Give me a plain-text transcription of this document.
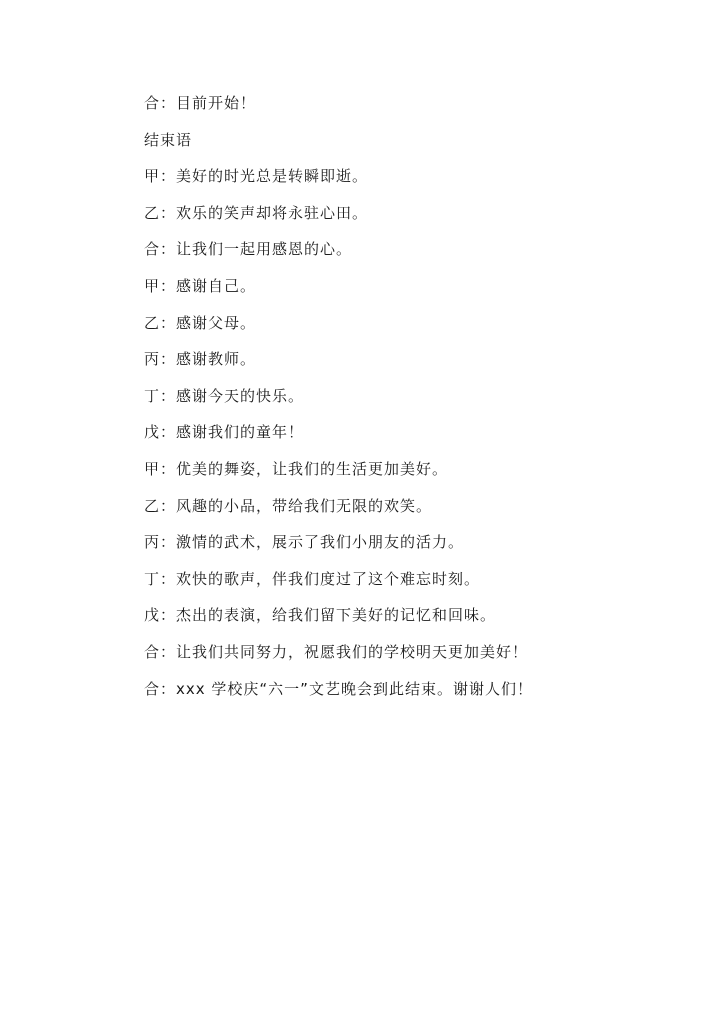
合：目前开始！
结束语
甲：美好的时光总是转瞬即逝。
乙：欢乐的笑声却将永驻心田。
合：让我们一起用感恩的心。
甲：感谢自己。
乙：感谢父母。
丙：感谢教师。
丁：感谢今天的快乐。
戊：感谢我们的童年！
甲：优美的舞姿，让我们的生活更加美好。
乙：风趣的小品，带给我们无限的欢笑。
丙：激情的武术，展示了我们小朋友的活力。
丁：欢快的歌声，伴我们度过了这个难忘时刻。
戊：杰出的表演，给我们留下美好的记忆和回味。
合：让我们共同努力，祝愿我们的学校明天更加美好！
合：xxx 学校庆“六一”文艺晚会到此结束。谢谢人们！
